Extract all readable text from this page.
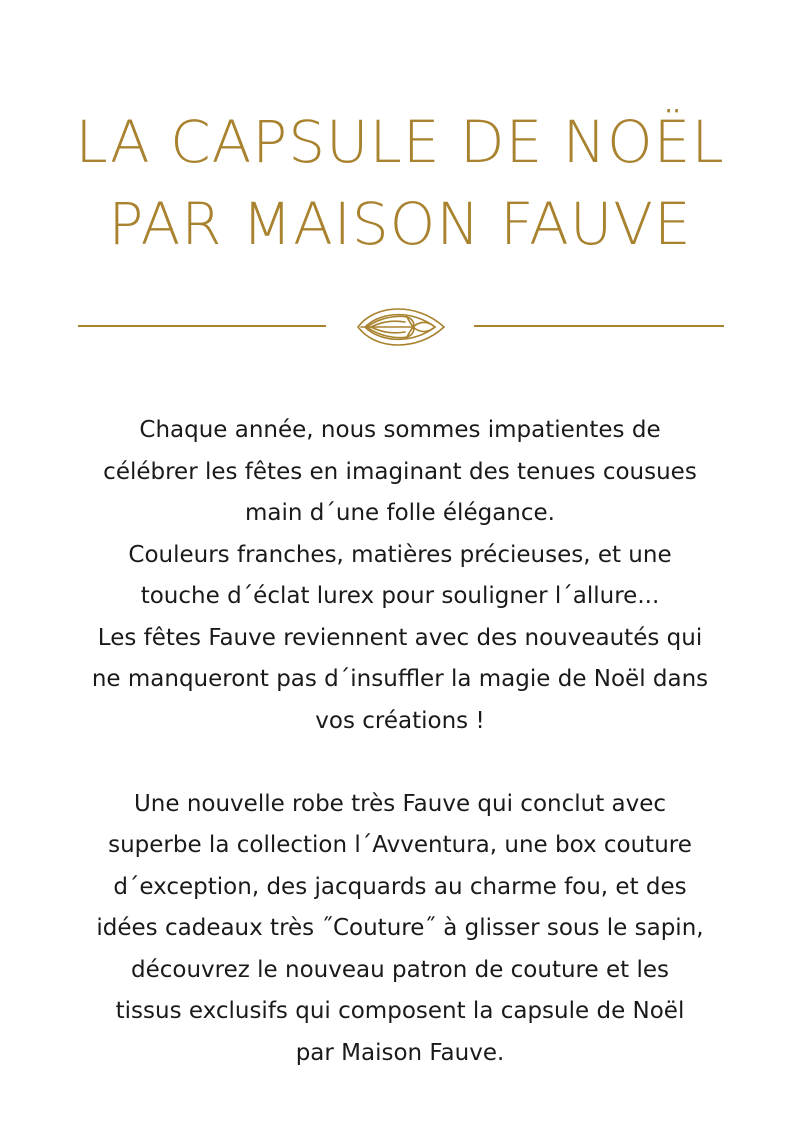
LA CAPSULE DE NOËL
PAR MAISON FAUVE

Chaque année, nous sommes impatientes de
célébrer les fêtes en imaginant des tenues cousues
main d´une folle élégance.
Couleurs franches, matières précieuses, et une
touche d´éclat lurex pour souligner l´allure...
Les fêtes Fauve reviennent avec des nouveautés qui
ne manqueront pas d´insuffler la magie de Noël dans
vos créations !

Une nouvelle robe très Fauve qui conclut avec
superbe la collection l´Avventura, une box couture
d´exception, des jacquards au charme fou, et des
idées cadeaux très ˝Couture˝ à glisser sous le sapin,
découvrez le nouveau patron de couture et les
tissus exclusifs qui composent la capsule de Noël
par Maison Fauve.
